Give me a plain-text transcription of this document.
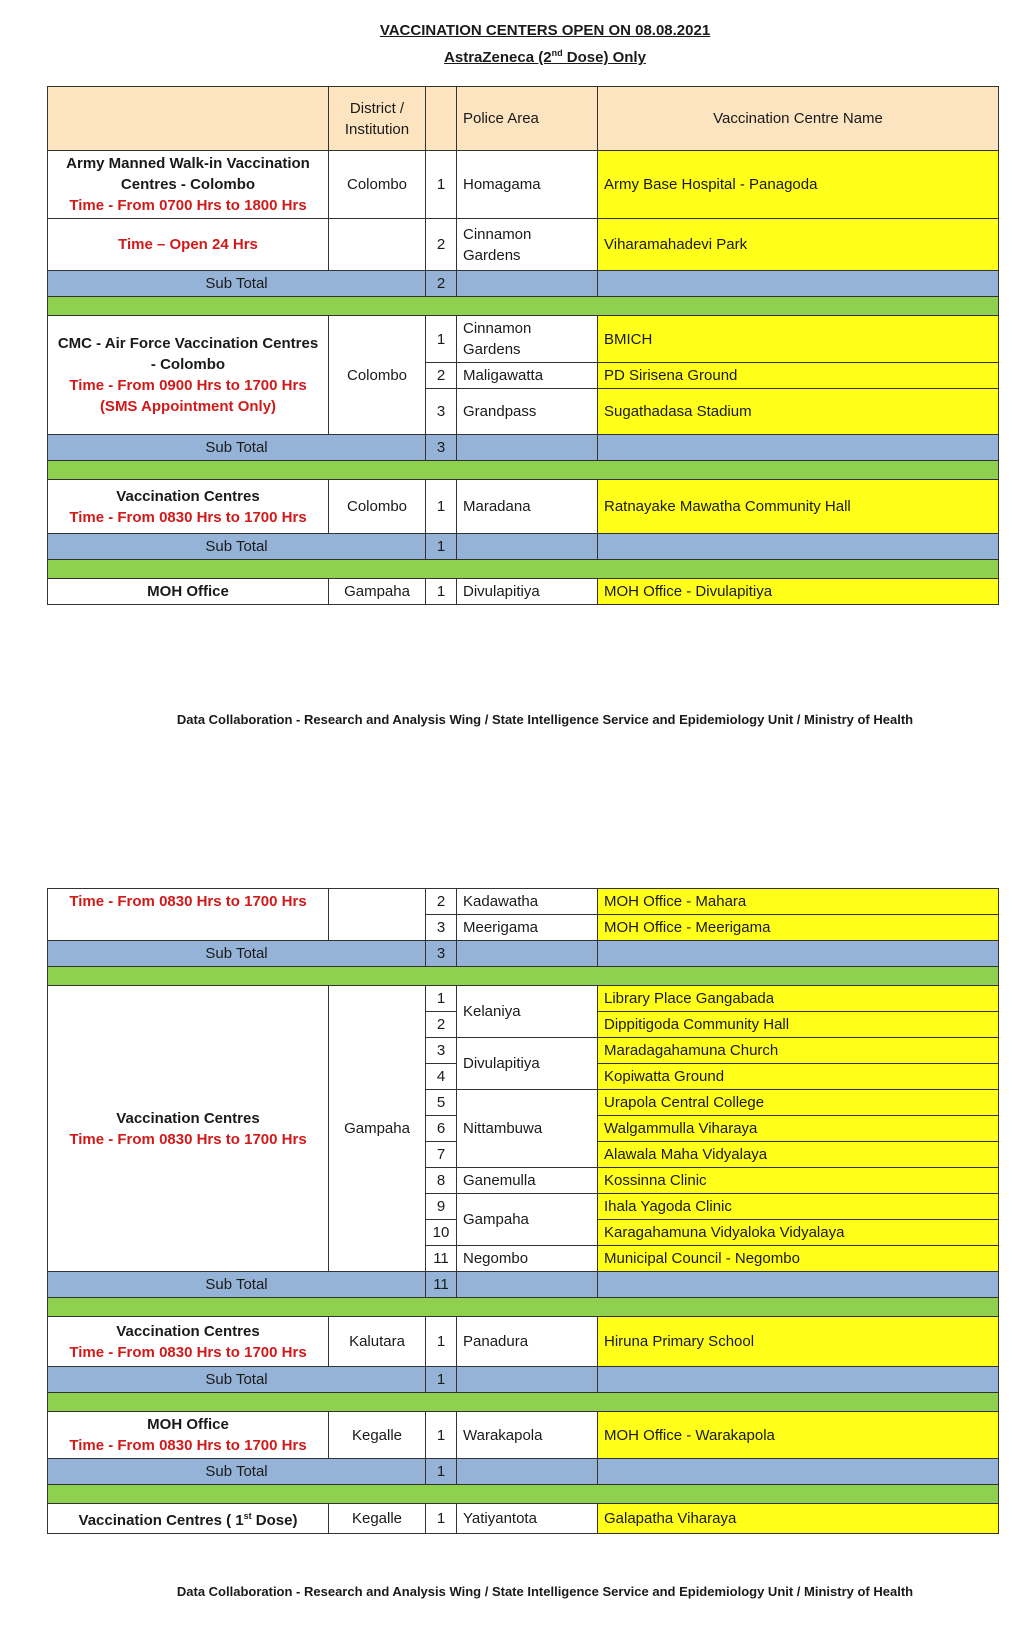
VACCINATION CENTERS OPEN ON 08.08.2021
AstraZeneca (2nd Dose) Only
	District / Institution		Police Area	Vaccination Centre Name

Army Manned Walk-in Vaccination Centres - Colombo
Time - From 0700 Hrs to 1800 Hrs	Colombo	1	Homagama	Army Base Hospital - Panagoda
Time – Open 24 Hrs		2	Cinnamon Gardens	Viharamahadevi Park
Sub Total		2		

CMC - Air Force Vaccination Centres - Colombo
Time - From 0900 Hrs to 1700 Hrs
(SMS Appointment Only)	Colombo	1	Cinnamon Gardens	BMICH
		2	Maligawatta	PD Sirisena Ground
		3	Grandpass	Sugathadasa Stadium
Sub Total		3		

Vaccination Centres
Time - From 0830 Hrs to 1700 Hrs	Colombo	1	Maradana	Ratnayake Mawatha Community Hall
Sub Total		1		

MOH Office	Gampaha	1	Divulapitiya	MOH Office - Divulapitiya
Data Collaboration - Research and Analysis Wing / State Intelligence Service and Epidemiology Unit / Ministry of Health
Time - From 0830 Hrs to 1700 Hrs		2	Kadawatha	MOH Office - Mahara
		3	Meerigama	MOH Office - Meerigama
Sub Total		3		

Vaccination Centres
Time - From 0830 Hrs to 1700 Hrs	Gampaha	1	Kelaniya	Library Place Gangabada
		2		Dippitigoda Community Hall
		3	Divulapitiya	Maradagahamuna Church
		4		Kopiwatta Ground
		5	Nittambuwa	Urapola Central College
		6		Walgammulla Viharaya
		7		Alawala Maha Vidyalaya
		8	Ganemulla	Kossinna Clinic
		9	Gampaha	Ihala Yagoda Clinic
		10		Karagahamuna Vidyaloka Vidyalaya
		11	Negombo	Municipal Council - Negombo
Sub Total		11		

Vaccination Centres
Time - From 0830 Hrs to 1700 Hrs	Kalutara	1	Panadura	Hiruna Primary School
Sub Total		1		

MOH Office
Time - From 0830 Hrs to 1700 Hrs	Kegalle	1	Warakapola	MOH Office - Warakapola
Sub Total		1		

Vaccination Centres ( 1st Dose)	Kegalle	1	Yatiyantota	Galapatha Viharaya
Data Collaboration - Research and Analysis Wing / State Intelligence Service and Epidemiology Unit / Ministry of Health
